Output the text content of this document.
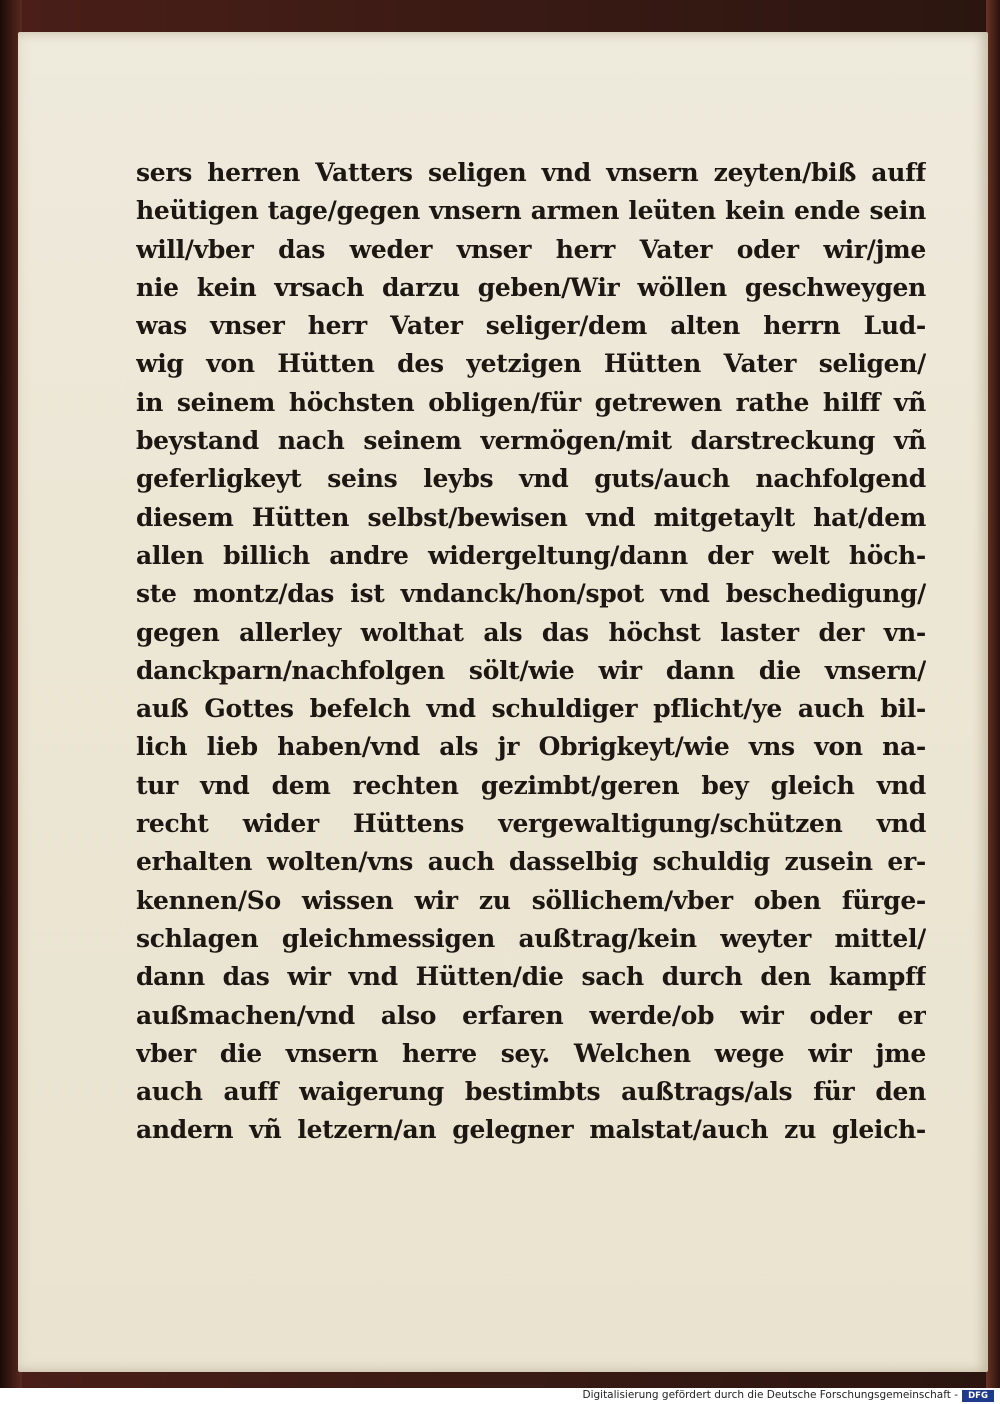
sers herren Vatters seligen vnd vnsern zeyten/biß auff
heütigen tage/gegen vnsern armen leüten kein ende sein
will/vber das weder vnser herr Vater oder wir/jme
nie kein vrsach darzu geben/Wir wöllen geschweygen
was vnser herr Vater seliger/dem alten herrn Lud-
wig von Hütten des yetzigen Hütten Vater seligen/
in seinem höchsten obligen/für getrewen rathe hilff vñ
beystand nach seinem vermögen/mit darstreckung vñ
geferligkeyt seins leybs vnd guts/auch nachfolgend
diesem Hütten selbst/bewisen vnd mitgetaylt hat/dem
allen billich andre widergeltung/dann der welt höch-
ste montz/das ist vndanck/hon/spot vnd beschedigung/
gegen allerley wolthat als das höchst laster der vn-
danckparn/nachfolgen sölt/wie wir dann die vnsern/
auß Gottes befelch vnd schuldiger pflicht/ye auch bil-
lich lieb haben/vnd als jr Obrigkeyt/wie vns von na-
tur vnd dem rechten gezimbt/geren bey gleich vnd
recht wider Hüttens vergewaltigung/schützen vnd
erhalten wolten/vns auch dasselbig schuldig zusein er-
kennen/So wissen wir zu söllichem/vber oben fürge-
schlagen gleichmessigen außtrag/kein weyter mittel/
dann das wir vnd Hütten/die sach durch den kampff
außmachen/vnd also erfaren werde/ob wir oder er
vber die vnsern herre sey. Welchen wege wir jme
auch auff waigerung bestimbts außtrags/als für den
andern vñ letzern/an gelegner malstat/auch zu gleich-
Digitalisierung gefördert durch die Deutsche Forschungsgemeinschaft -	DFG
